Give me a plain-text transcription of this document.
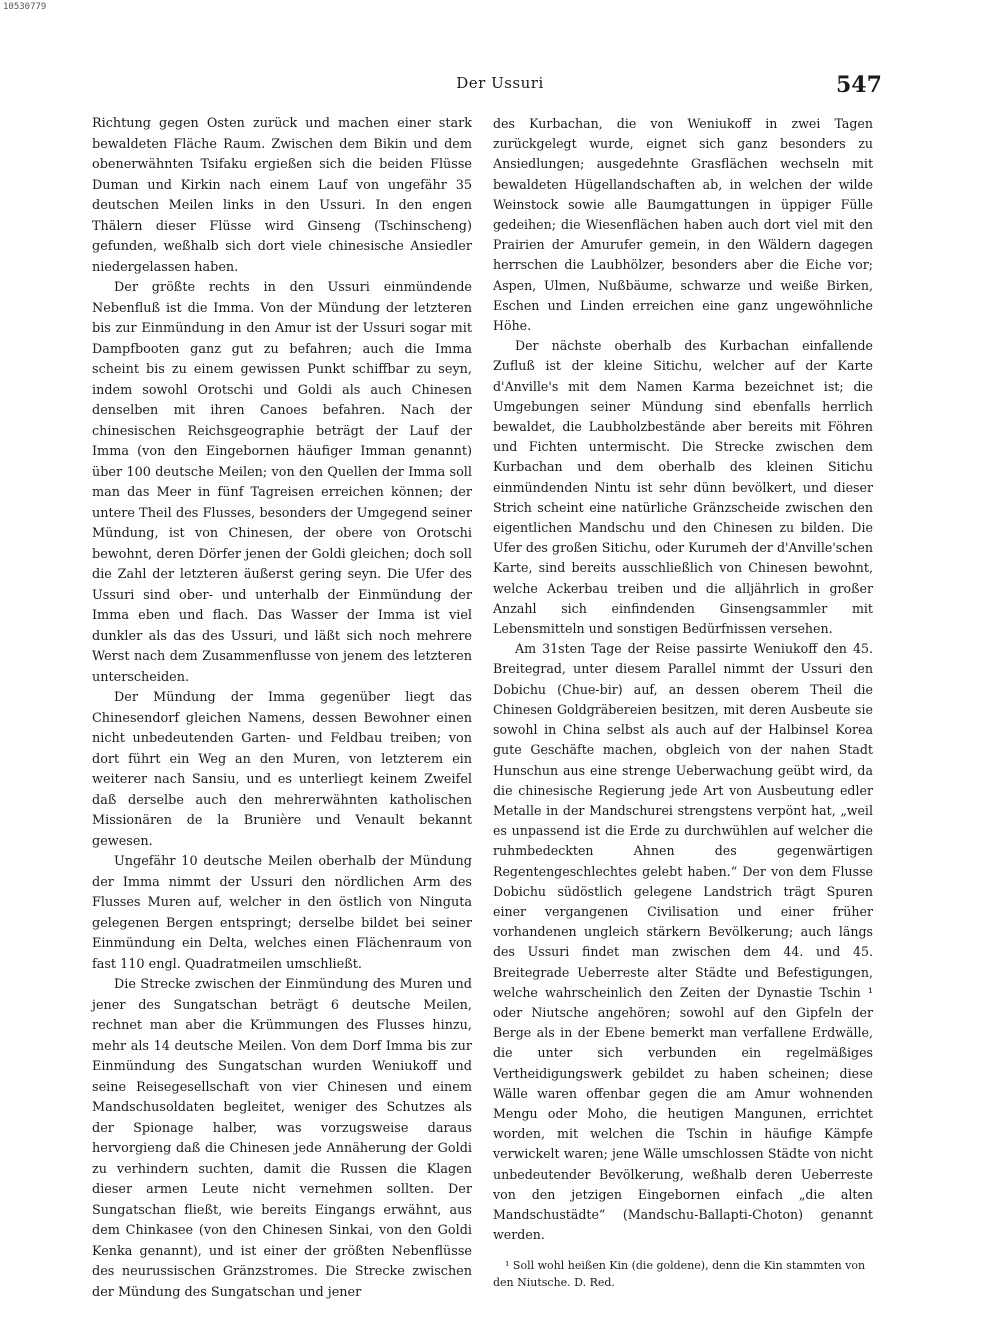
10530779
Der Ussuri	547

Richtung gegen Osten zurück und machen einer stark bewaldeten Fläche Raum. Zwischen dem Bikin und dem obenerwähnten Tsifaku ergießen sich die beiden Flüsse Duman und Kirkin nach einem Lauf von ungefähr 35 deutschen Meilen links in den Ussuri. In den engen Thälern dieser Flüsse wird Ginseng (Tschinscheng) gefunden, weßhalb sich dort viele chinesische Ansiedler niedergelassen haben.

Der größte rechts in den Ussuri einmündende Nebenfluß ist die Imma. Von der Mündung der letzteren bis zur Einmündung in den Amur ist der Ussuri sogar mit Dampfbooten ganz gut zu befahren; auch die Imma scheint bis zu einem gewissen Punkt schiffbar zu seyn, indem sowohl Orotschi und Goldi als auch Chinesen denselben mit ihren Canoes befahren. Nach der chinesischen Reichsgeographie beträgt der Lauf der Imma (von den Eingebornen häufiger Imman genannt) über 100 deutsche Meilen; von den Quellen der Imma soll man das Meer in fünf Tagreisen erreichen können; der untere Theil des Flusses, besonders der Umgegend seiner Mündung, ist von Chinesen, der obere von Orotschi bewohnt, deren Dörfer jenen der Goldi gleichen; doch soll die Zahl der letzteren äußerst gering seyn. Die Ufer des Ussuri sind ober- und unterhalb der Einmündung der Imma eben und flach. Das Wasser der Imma ist viel dunkler als das des Ussuri, und läßt sich noch mehrere Werst nach dem Zusammenflusse von jenem des letzteren unterscheiden.

Der Mündung der Imma gegenüber liegt das Chinesendorf gleichen Namens, dessen Bewohner einen nicht unbedeutenden Garten- und Feldbau treiben; von dort führt ein Weg an den Muren, von letzterem ein weiterer nach Sansiu, und es unterliegt keinem Zweifel daß derselbe auch den mehrerwähnten katholischen Missionären de la Brunière und Venault bekannt gewesen.

Ungefähr 10 deutsche Meilen oberhalb der Mündung der Imma nimmt der Ussuri den nördlichen Arm des Flusses Muren auf, welcher in den östlich von Ninguta gelegenen Bergen entspringt; derselbe bildet bei seiner Einmündung ein Delta, welches einen Flächenraum von fast 110 engl. Quadratmeilen umschließt.

Die Strecke zwischen der Einmündung des Muren und jener des Sungatschan beträgt 6 deutsche Meilen, rechnet man aber die Krümmungen des Flusses hinzu, mehr als 14 deutsche Meilen. Von dem Dorf Imma bis zur Einmündung des Sungatschan wurden Weniukoff und seine Reisegesellschaft von vier Chinesen und einem Mandschusoldaten begleitet, weniger des Schutzes als der Spionage halber, was vorzugsweise daraus hervorgieng daß die Chinesen jede Annäherung der Goldi zu verhindern suchten, damit die Russen die Klagen dieser armen Leute nicht vernehmen sollten. Der Sungatschan fließt, wie bereits Eingangs erwähnt, aus dem Chinkasee (von den Chinesen Sinkai, von den Goldi Kenka genannt), und ist einer der größten Nebenflüsse des neurussischen Gränzstromes. Die Strecke zwischen der Mündung des Sungatschan und jener

des Kurbachan, die von Weniukoff in zwei Tagen zurückgelegt wurde, eignet sich ganz besonders zu Ansiedlungen; ausgedehnte Grasflächen wechseln mit bewaldeten Hügellandschaften ab, in welchen der wilde Weinstock sowie alle Baumgattungen in üppiger Fülle gedeihen; die Wiesenflächen haben auch dort viel mit den Prairien der Amurufer gemein, in den Wäldern dagegen herrschen die Laubhölzer, besonders aber die Eiche vor; Aspen, Ulmen, Nußbäume, schwarze und weiße Birken, Eschen und Linden erreichen eine ganz ungewöhnliche Höhe.

Der nächste oberhalb des Kurbachan einfallende Zufluß ist der kleine Sitichu, welcher auf der Karte d'Anville's mit dem Namen Karma bezeichnet ist; die Umgebungen seiner Mündung sind ebenfalls herrlich bewaldet, die Laubholzbestände aber bereits mit Föhren und Fichten untermischt. Die Strecke zwischen dem Kurbachan und dem oberhalb des kleinen Sitichu einmündenden Nintu ist sehr dünn bevölkert, und dieser Strich scheint eine natürliche Gränzscheide zwischen den eigentlichen Mandschu und den Chinesen zu bilden. Die Ufer des großen Sitichu, oder Kurumeh der d'Anville'schen Karte, sind bereits ausschließlich von Chinesen bewohnt, welche Ackerbau treiben und die alljährlich in großer Anzahl sich einfindenden Ginsengsammler mit Lebensmitteln und sonstigen Bedürfnissen versehen.

Am 31sten Tage der Reise passirte Weniukoff den 45. Breitegrad, unter diesem Parallel nimmt der Ussuri den Dobichu (Chue-bir) auf, an dessen oberem Theil die Chinesen Goldgräbereien besitzen, mit deren Ausbeute sie sowohl in China selbst als auch auf der Halbinsel Korea gute Geschäfte machen, obgleich von der nahen Stadt Hunschun aus eine strenge Ueberwachung geübt wird, da die chinesische Regierung jede Art von Ausbeutung edler Metalle in der Mandschurei strengstens verpönt hat, „weil es unpassend ist die Erde zu durchwühlen auf welcher die ruhmbedeckten Ahnen des gegenwärtigen Regentengeschlechtes gelebt haben.“ Der von dem Flusse Dobichu südöstlich gelegene Landstrich trägt Spuren einer vergangenen Civilisation und einer früher vorhandenen ungleich stärkern Bevölkerung; auch längs des Ussuri findet man zwischen dem 44. und 45. Breitegrade Ueberreste alter Städte und Befestigungen, welche wahrscheinlich den Zeiten der Dynastie Tschin ¹ oder Niutsche angehören; sowohl auf den Gipfeln der Berge als in der Ebene bemerkt man verfallene Erdwälle, die unter sich verbunden ein regelmäßiges Vertheidigungswerk gebildet zu haben scheinen; diese Wälle waren offenbar gegen die am Amur wohnenden Mengu oder Moho, die heutigen Mangunen, errichtet worden, mit welchen die Tschin in häufige Kämpfe verwickelt waren; jene Wälle umschlossen Städte von nicht unbedeutender Bevölkerung, weßhalb deren Ueberreste von den jetzigen Eingebornen einfach „die alten Mandschustädte“ (Mandschu-Ballapti-Choton) genannt werden.

¹ Soll wohl heißen Kin (die goldene), denn die Kin stammten von den Niutsche. D. Red.
